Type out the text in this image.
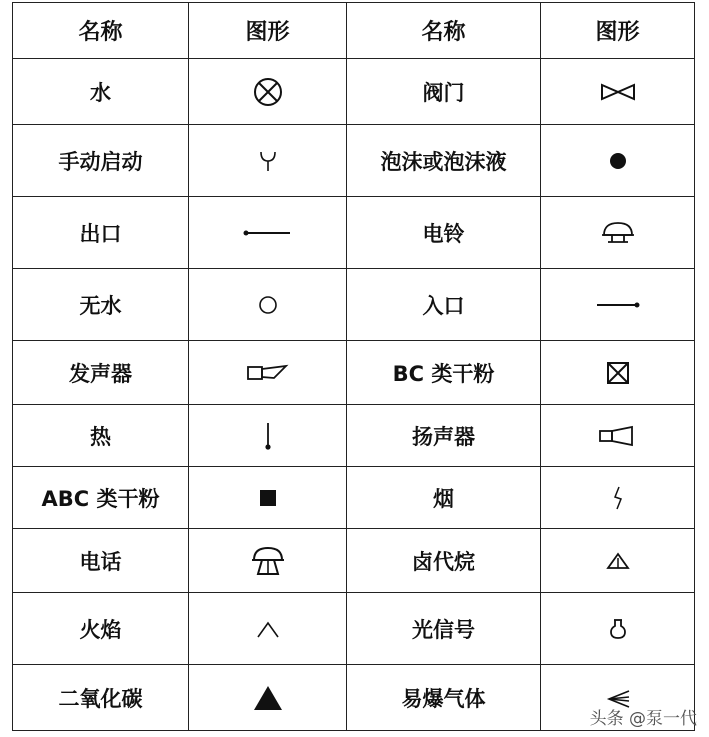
名称	图形	名称	图形
水		阀门	

手动启动		泡沫或泡沫液	

出口		电铃	

无水		入口	

发声器		BC 类干粉	

热		扬声器	

ABC 类干粉		烟	

电话		卤代烷	

火焰		光信号	

二氧化碳		易爆气体	
头条 @泵一代
